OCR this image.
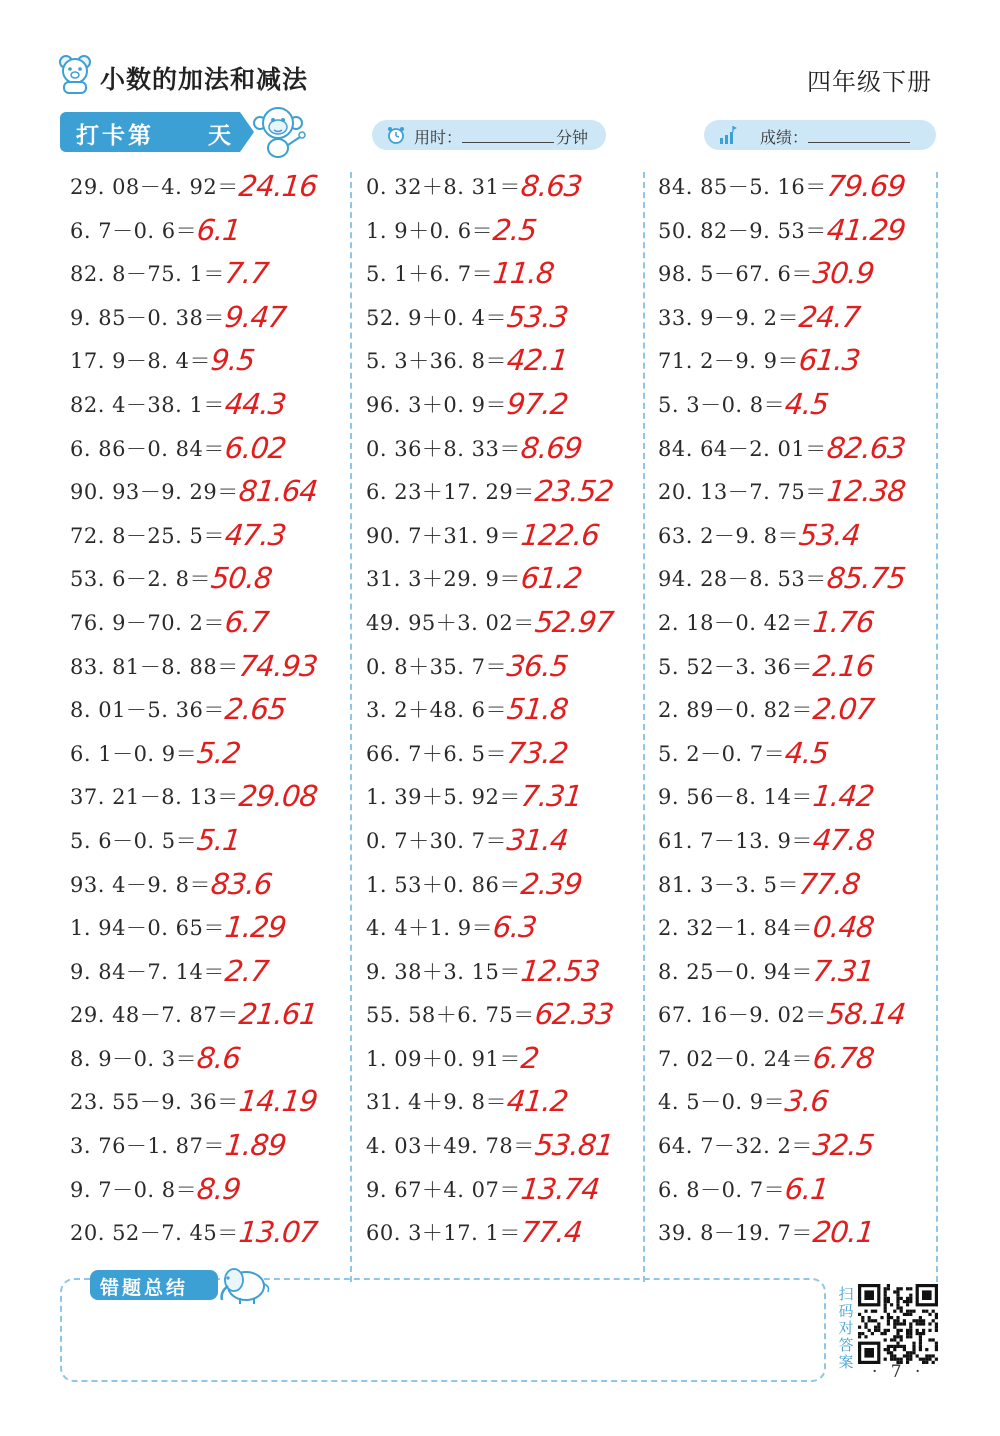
小数的加法和减法	四年级下册
打卡第 天	用时：	分钟	成绩：
29. 08－4. 92＝24.16
6. 7－0. 6＝6.1
82. 8－75. 1＝7.7
9. 85－0. 38＝9.47
17. 9－8. 4＝9.5
82. 4－38. 1＝44.3
6. 86－0. 84＝6.02
90. 93－9. 29＝81.64
72. 8－25. 5＝47.3
53. 6－2. 8＝50.8
76. 9－70. 2＝6.7
83. 81－8. 88＝74.93
8. 01－5. 36＝2.65
6. 1－0. 9＝5.2
37. 21－8. 13＝29.08
5. 6－0. 5＝5.1
93. 4－9. 8＝83.6
1. 94－0. 65＝1.29
9. 84－7. 14＝2.7
29. 48－7. 87＝21.61
8. 9－0. 3＝8.6
23. 55－9. 36＝14.19
3. 76－1. 87＝1.89
9. 7－0. 8＝8.9
20. 52－7. 45＝13.07
0. 32＋8. 31＝8.63
1. 9＋0. 6＝2.5
5. 1＋6. 7＝11.8
52. 9＋0. 4＝53.3
5. 3＋36. 8＝42.1
96. 3＋0. 9＝97.2
0. 36＋8. 33＝8.69
6. 23＋17. 29＝23.52
90. 7＋31. 9＝122.6
31. 3＋29. 9＝61.2
49. 95＋3. 02＝52.97
0. 8＋35. 7＝36.5
3. 2＋48. 6＝51.8
66. 7＋6. 5＝73.2
1. 39＋5. 92＝7.31
0. 7＋30. 7＝31.4
1. 53＋0. 86＝2.39
4. 4＋1. 9＝6.3
9. 38＋3. 15＝12.53
55. 58＋6. 75＝62.33
1. 09＋0. 91＝2
31. 4＋9. 8＝41.2
4. 03＋49. 78＝53.81
9. 67＋4. 07＝13.74
60. 3＋17. 1＝77.4
84. 85－5. 16＝79.69
50. 82－9. 53＝41.29
98. 5－67. 6＝30.9
33. 9－9. 2＝24.7
71. 2－9. 9＝61.3
5. 3－0. 8＝4.5
84. 64－2. 01＝82.63
20. 13－7. 75＝12.38
63. 2－9. 8＝53.4
94. 28－8. 53＝85.75
2. 18－0. 42＝1.76
5. 52－3. 36＝2.16
2. 89－0. 82＝2.07
5. 2－0. 7＝4.5
9. 56－8. 14＝1.42
61. 7－13. 9＝47.8
81. 3－3. 5＝77.8
2. 32－1. 84＝0.48
8. 25－0. 94＝7.31
67. 16－9. 02＝58.14
7. 02－0. 24＝6.78
4. 5－0. 9＝3.6
64. 7－32. 2＝32.5
6. 8－0. 7＝6.1
39. 8－19. 7＝20.1
错题总结	扫
码
对
答
案 · 7 ·
